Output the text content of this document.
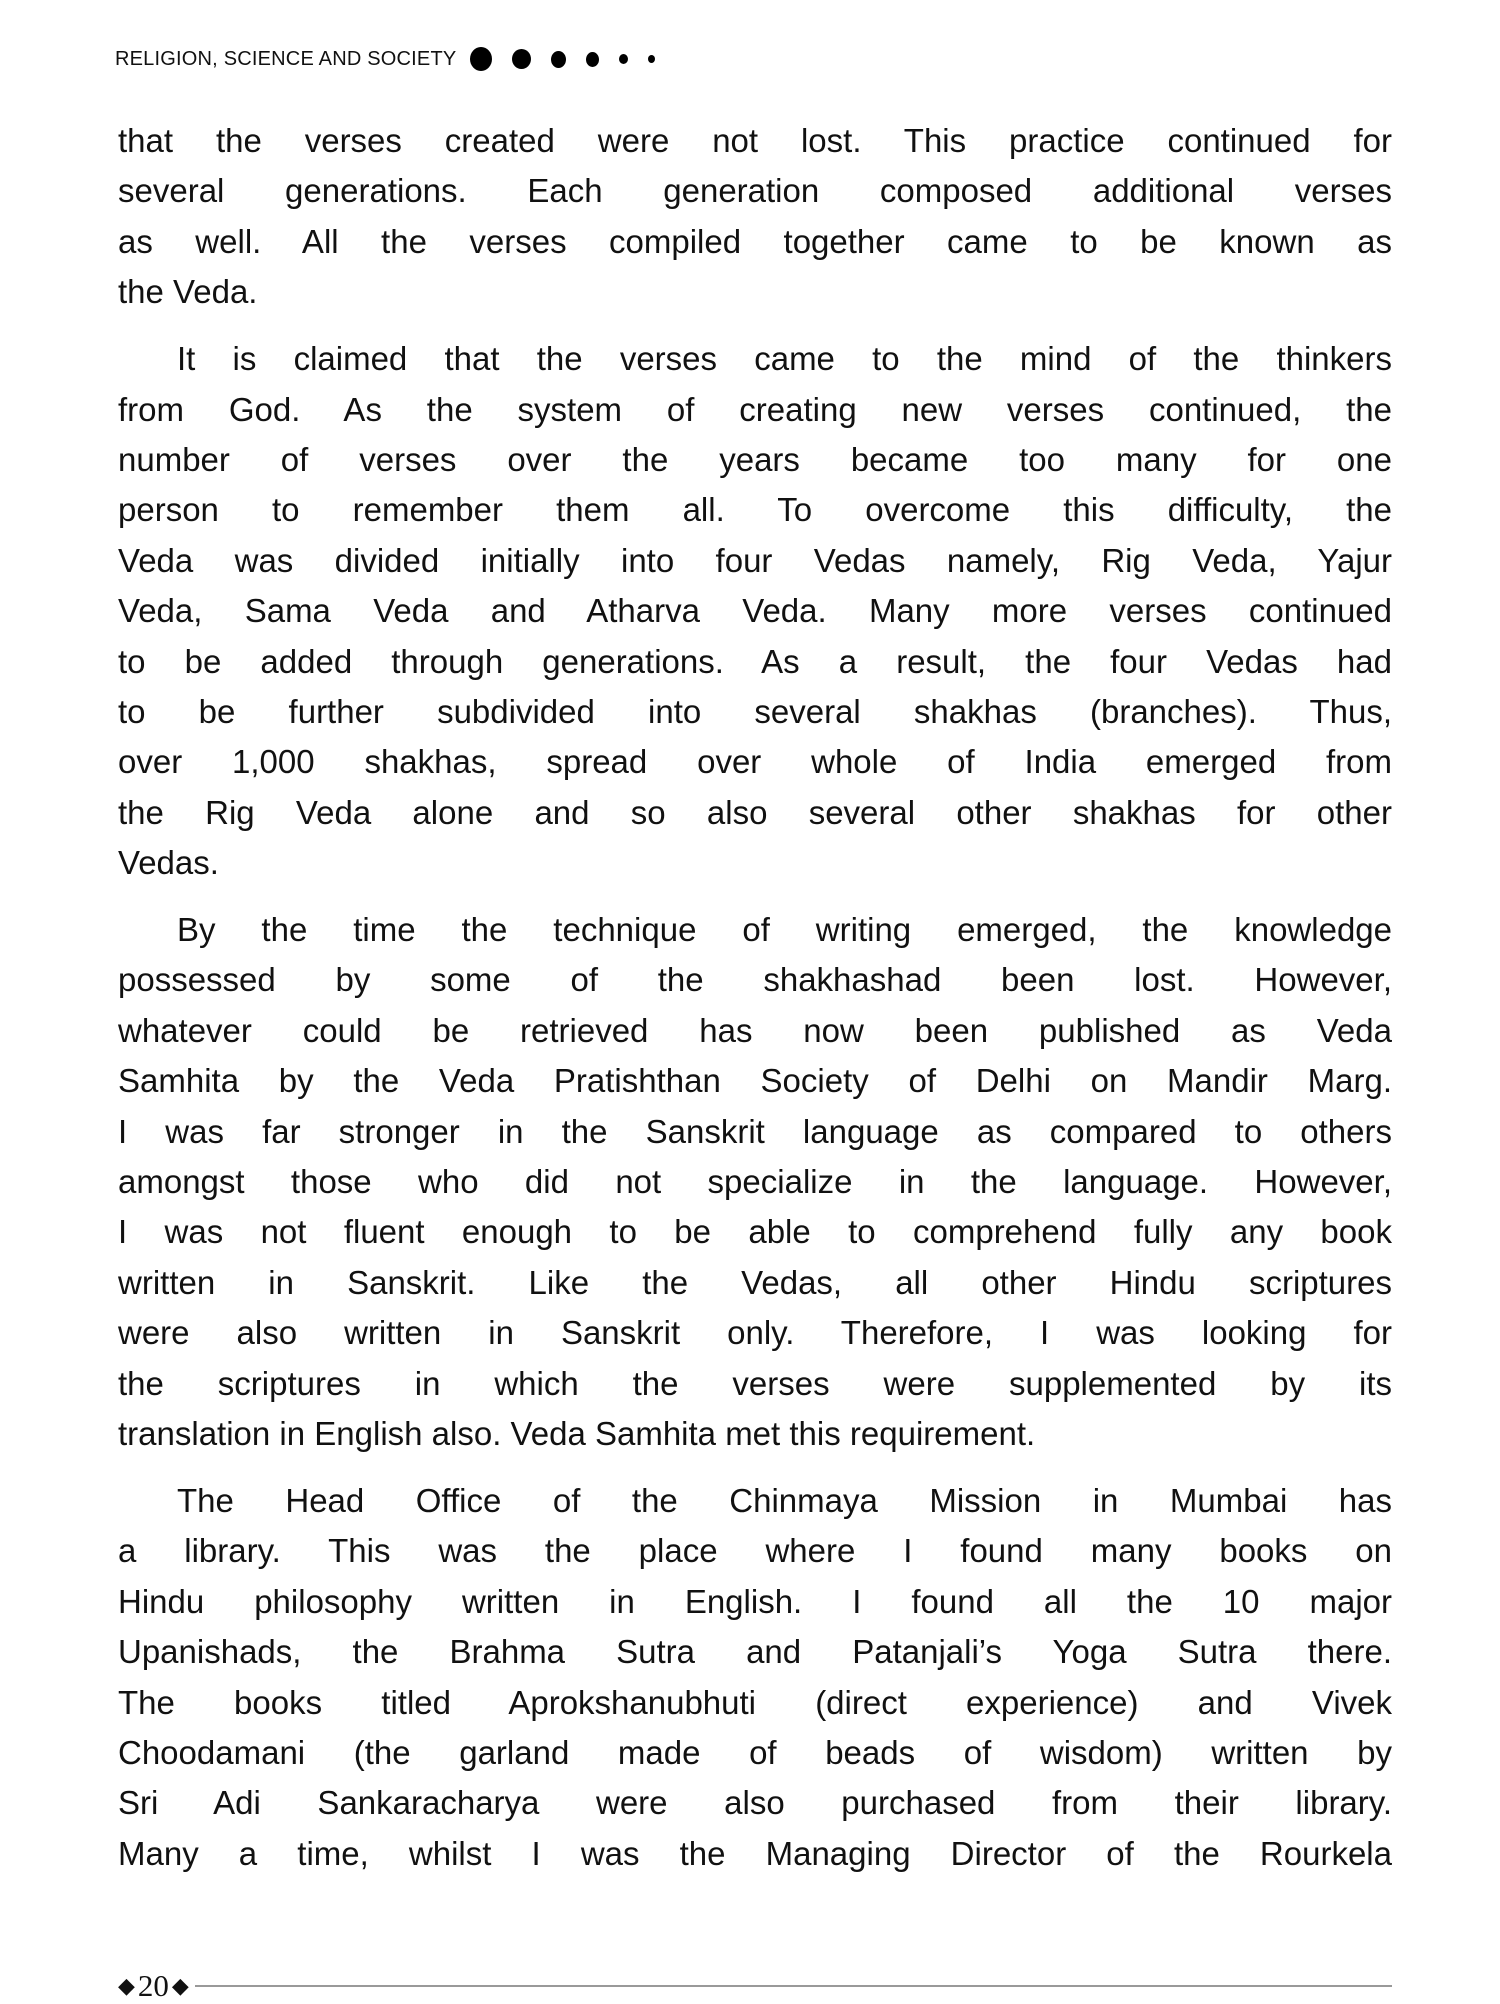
RELIGION, SCIENCE AND SOCIETY
that the verses created were not lost. This practice continued for
several generations. Each generation composed additional verses
as well. All the verses compiled together came to be known as
the Veda.
It is claimed that the verses came to the mind of the thinkers
from God. As the system of creating new verses continued, the
number of verses over the years became too many for one
person to remember them all. To overcome this difficulty, the
Veda was divided initially into four Vedas namely, Rig Veda, Yajur
Veda, Sama Veda and Atharva Veda. Many more verses continued
to be added through generations. As a result, the four Vedas had
to be further subdivided into several shakhas (branches). Thus,
over 1,000 shakhas, spread over whole of India emerged from
the Rig Veda alone and so also several other shakhas for other
Vedas.
By the time the technique of writing emerged, the knowledge
possessed by some of the shakhashad been lost. However,
whatever could be retrieved has now been published as Veda
Samhita by the Veda Pratishthan Society of Delhi on Mandir Marg.
I was far stronger in the Sanskrit language as compared to others
amongst those who did not specialize in the language. However,
I was not fluent enough to be able to comprehend fully any book
written in Sanskrit. Like the Vedas, all other Hindu scriptures
were also written in Sanskrit only. Therefore, I was looking for
the scriptures in which the verses were supplemented by its
translation in English also. Veda Samhita met this requirement.
The Head Office of the Chinmaya Mission in Mumbai has
a library. This was the place where I found many books on
Hindu philosophy written in English. I found all the 10 major
Upanishads, the Brahma Sutra and Patanjali’s Yoga Sutra there.
The books titled Aprokshanubhuti (direct experience) and Vivek
Choodamani (the garland made of beads of wisdom) written by
Sri Adi Sankaracharya were also purchased from their library.
Many a time, whilst I was the Managing Director of the Rourkela
◆ 20 ◆
